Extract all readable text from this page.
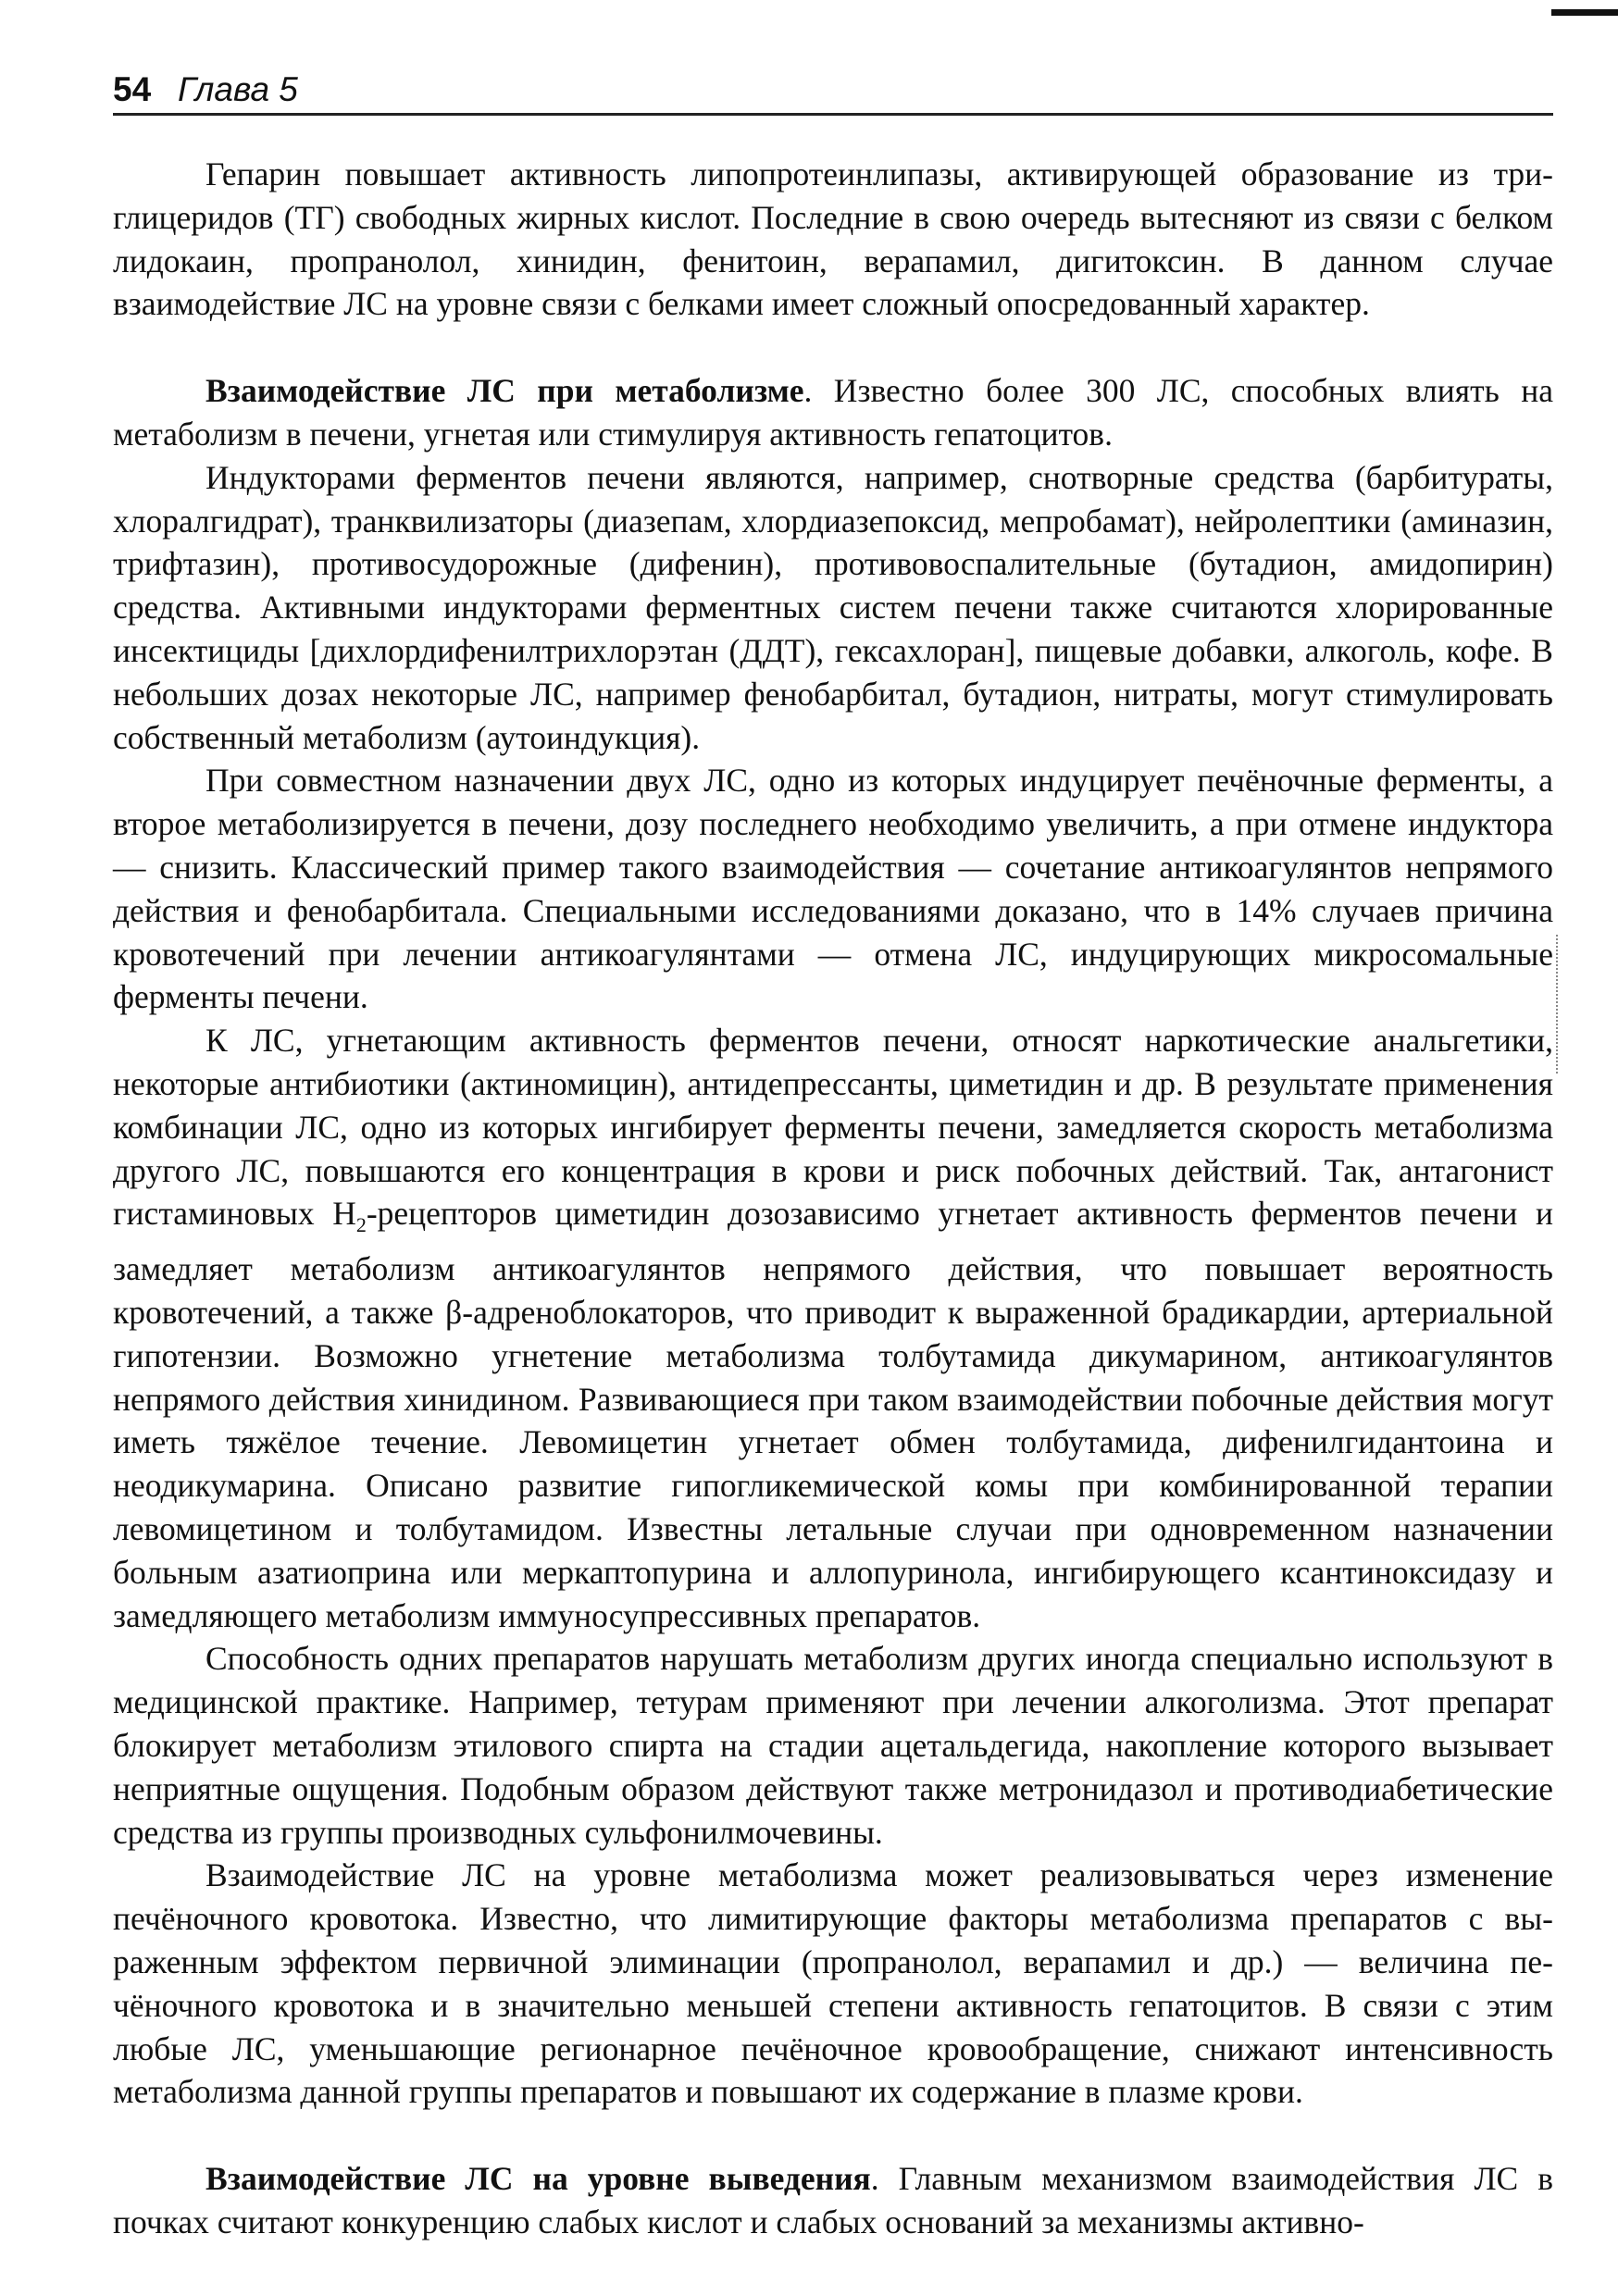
54 Глава 5

Гепарин повышает активность липопротеинлипазы, активирующей образование из триглицеридов (ТГ) свободных жирных кислот. Последние в свою очередь вытесняют из связи с белком лидокаин, пропранолол, хинидин, фенитоин, верапамил, дигитоксин. В данном случае взаимодействие ЛС на уровне связи с белками имеет сложный опосредованный характер.

Взаимодействие ЛС при метаболизме. Известно более 300 ЛС, способных влиять на метаболизм в печени, угнетая или стимулируя активность гепатоцитов.

Индукторами ферментов печени являются, например, снотворные средства (барбитураты, хлоралгидрат), транквилизаторы (диазепам, хлордиазепоксид, мепробамат), нейролептики (аминазин, трифтазин), противосудорожные (дифенин), противовоспалительные (бутадион, амидопирин) средства. Активными индукторами ферментных систем печени также считаются хлорированные инсектициды [дихлордифенилтрихлорэтан (ДДТ), гексахлоран], пищевые добавки, алкоголь, кофе. В небольших дозах некоторые ЛС, например фенобарбитал, бутадион, нитраты, могут стимулировать собственный метаболизм (аутоиндукция).

При совместном назначении двух ЛС, одно из которых индуцирует печёночные ферменты, а второе метаболизируется в печени, дозу последнего необходимо увеличить, а при отмене индуктора — снизить. Классический пример такого взаимодействия — сочетание антикоагулянтов непрямого действия и фенобарбитала. Специальными исследованиями доказано, что в 14% случаев причина кровотечений при лечении антикоагулянтами — отмена ЛС, индуцирующих микросомальные ферменты печени.

К ЛС, угнетающим активность ферментов печени, относят наркотические анальгетики, некоторые антибиотики (актиномицин), антидепрессанты, циметидин и др. В результате применения комбинации ЛС, одно из которых ингибирует ферменты печени, замедляется скорость метаболизма другого ЛС, повышаются его концентрация в крови и риск побочных действий. Так, антагонист гистаминовых $H_2$-рецепторов циметидин дозозависимо угнетает активность ферментов печени и замедляет метаболизм антикоагулянтов непрямого действия, что повышает вероятность кровотечений, а также β-адреноблокаторов, что приводит к выраженной брадикардии, артериальной гипотензии. Возможно угнетение метаболизма толбутамида дикумарином, антикоагулянтов непрямого действия хинидином. Развивающиеся при таком взаимодействии побочные действия могут иметь тяжёлое течение. Левомицетин угнетает обмен толбутамида, дифенилгидантоина и неодикумарина. Описано развитие гипогликемической комы при комбинированной терапии левомицетином и толбутамидом. Известны летальные случаи при одновременном назначении больным азатиоприна или меркаптопурина и аллопуринола, ингибирующего ксантиноксидазу и замедляющего метаболизм иммуносупрессивных препаратов.

Способность одних препаратов нарушать метаболизм других иногда специально используют в медицинской практике. Например, тетурам применяют при лечении алкоголизма. Этот препарат блокирует метаболизм этилового спирта на стадии ацетальдегида, накопление которого вызывает неприятные ощущения. Подобным образом действуют также метронидазол и противодиабетические средства из группы производных сульфонилмочевины.

Взаимодействие ЛС на уровне метаболизма может реализовываться через изменение печёночного кровотока. Известно, что лимитирующие факторы метаболизма препаратов с выраженным эффектом первичной элиминации (пропранолол, верапамил и др.) — величина печёночного кровотока и в значительно меньшей степени активность гепатоцитов. В связи с этим любые ЛС, уменьшающие регионарное печёночное кровообращение, снижают интенсивность метаболизма данной группы препаратов и повышают их содержание в плазме крови.

Взаимодействие ЛС на уровне выведения. Главным механизмом взаимодействия ЛС в почках считают конкуренцию слабых кислот и слабых оснований за механизмы активно-
